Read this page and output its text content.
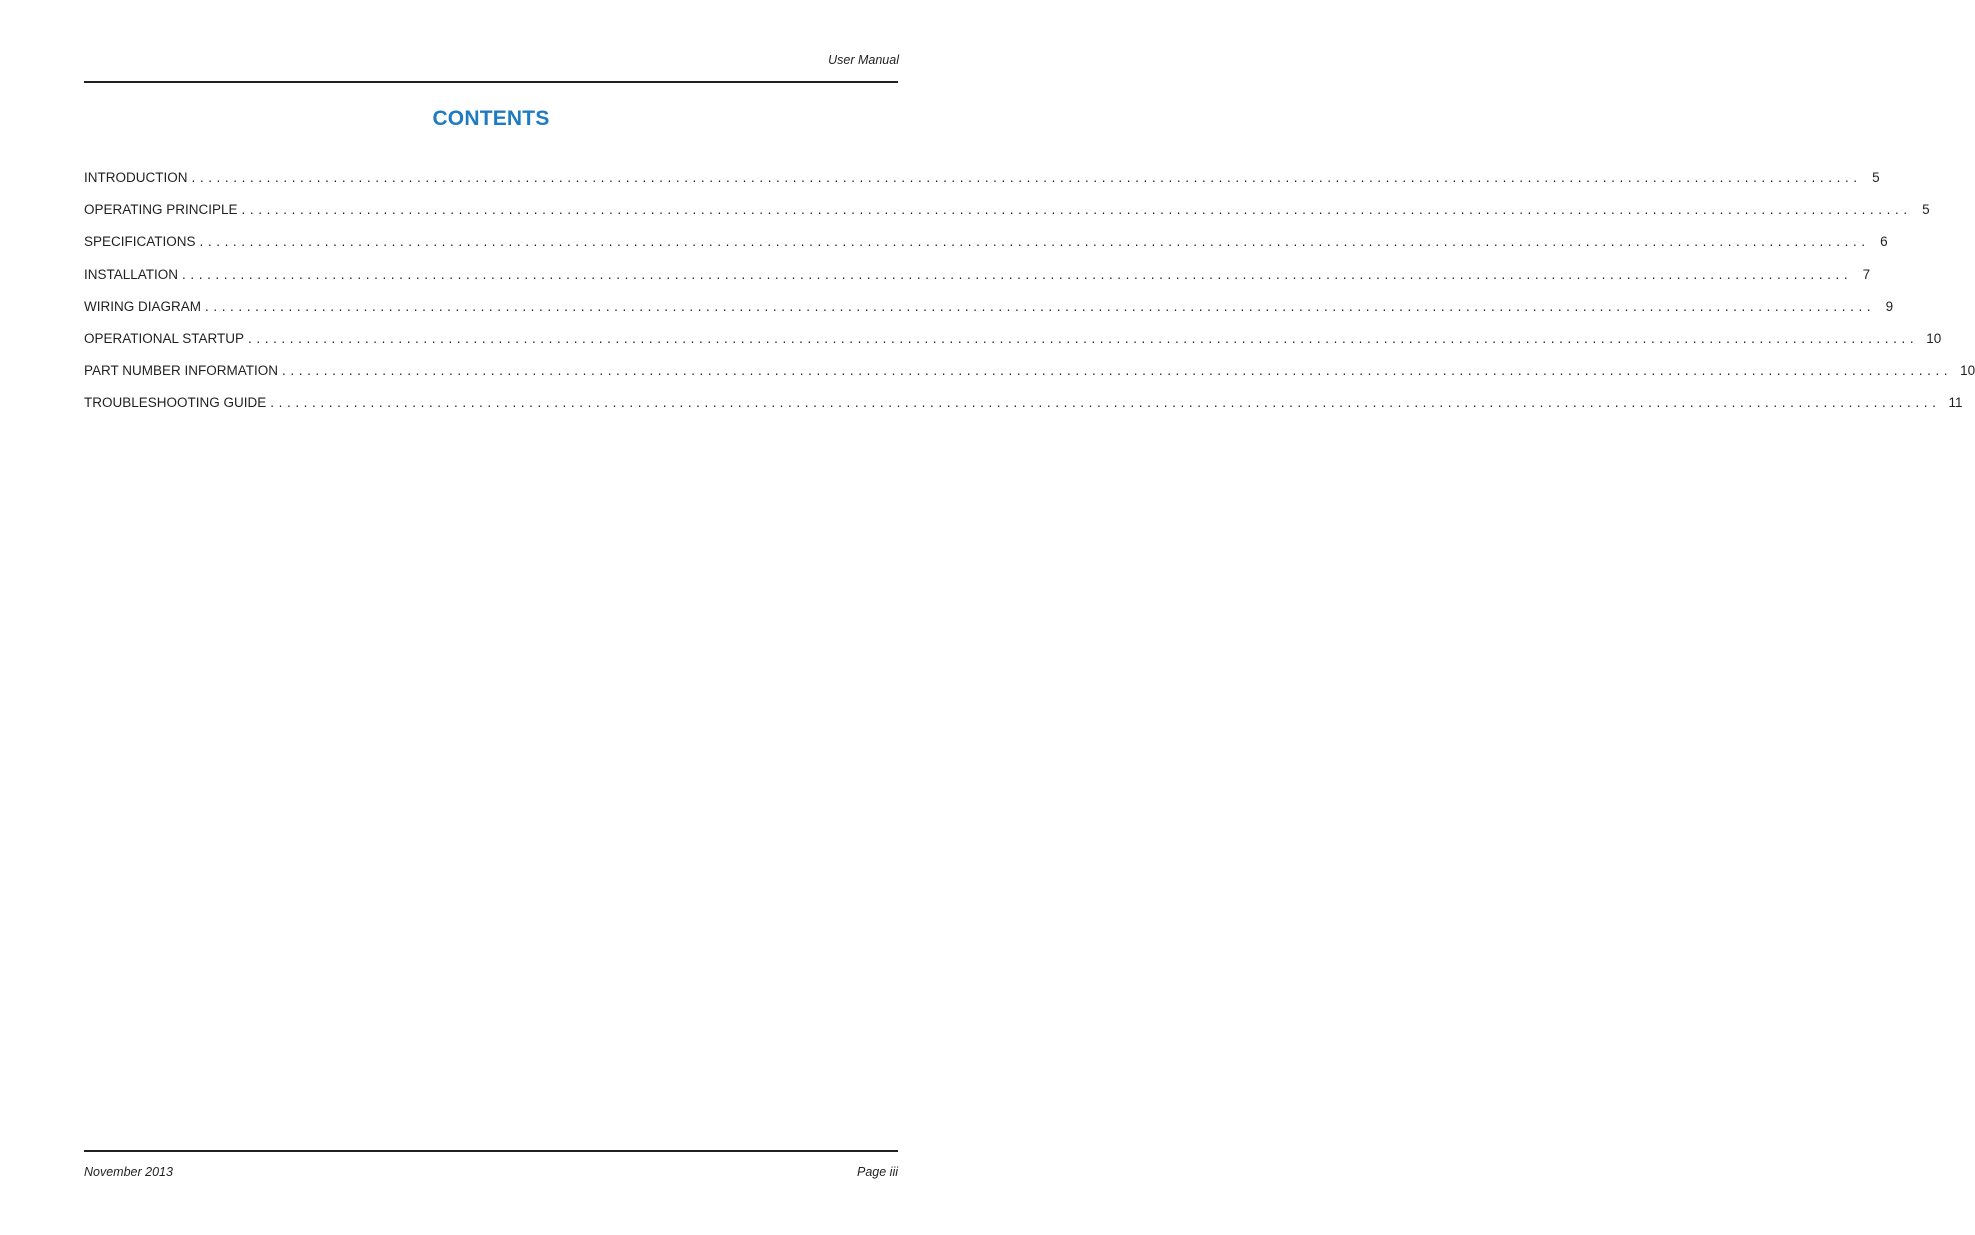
User Manual
CONTENTS
INTRODUCTION ........................................................................................................................................................................................................ 5
OPERATING PRINCIPLE ........................................................................................................................................................................................................ 5
SPECIFICATIONS ........................................................................................................................................................................................................ 6
INSTALLATION ........................................................................................................................................................................................................ 7
WIRING DIAGRAM ........................................................................................................................................................................................................ 9
OPERATIONAL STARTUP ........................................................................................................................................................................................................ 10
PART NUMBER INFORMATION ........................................................................................................................................................................................................ 10
TROUBLESHOOTING GUIDE ........................................................................................................................................................................................................ 11
November 2013	Page iii
